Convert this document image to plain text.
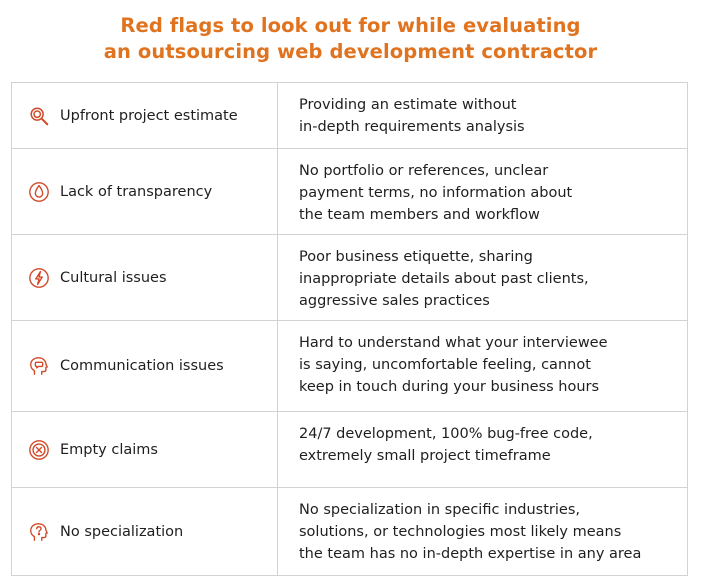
Red flags to look out for while evaluating
an outsourcing web development contractor
Upfront project estimate
Providing an estimate without
in-depth requirements analysis
Lack of transparency
No portfolio or references, unclear
payment terms, no information about
the team members and workflow
Cultural issues
Poor business etiquette, sharing
inappropriate details about past clients,
aggressive sales practices
Communication issues
Hard to understand what your interviewee
is saying, uncomfortable feeling, cannot
keep in touch during your business hours
Empty claims
24/7 development, 100% bug-free code,
extremely small project timeframe
No specialization
No specialization in specific industries,
solutions, or technologies most likely means
the team has no in-depth expertise in any area
